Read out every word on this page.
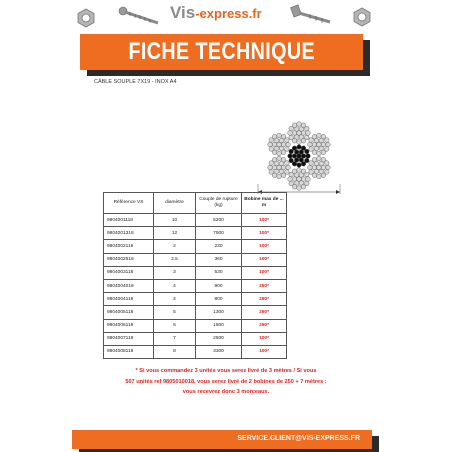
Vis-express.fr
FICHE TECHNIQUE
CÂBLE SOUPLE 7X19 - INOX A4
Référence VS	diamètre	Couple de rupture (kg)	Bobine max de ... m
9804001118	10	5200	100*
9804001318	12	7500	100*
9804002118	2	230	100*
9804002518	2.5	360	100*
9804003118	3	530	100*
9804004018	4	900	250*
9804004118	4	800	250*
9804005118	5	1300	250*
9804006118	6	1800	250*
9804007118	7	2500	100*
9804008118	8	3300	100*
* Si vous commandez 3 unités vous serez livré de 3 mètres / Si vous
507 unités ref 9805010018, vous serez livré de 2 bobines de 250 + 7 mètres :
vous recevrez donc 3 morceaux.
SERVICE.CLIENT@VIS-EXPRESS.FR
